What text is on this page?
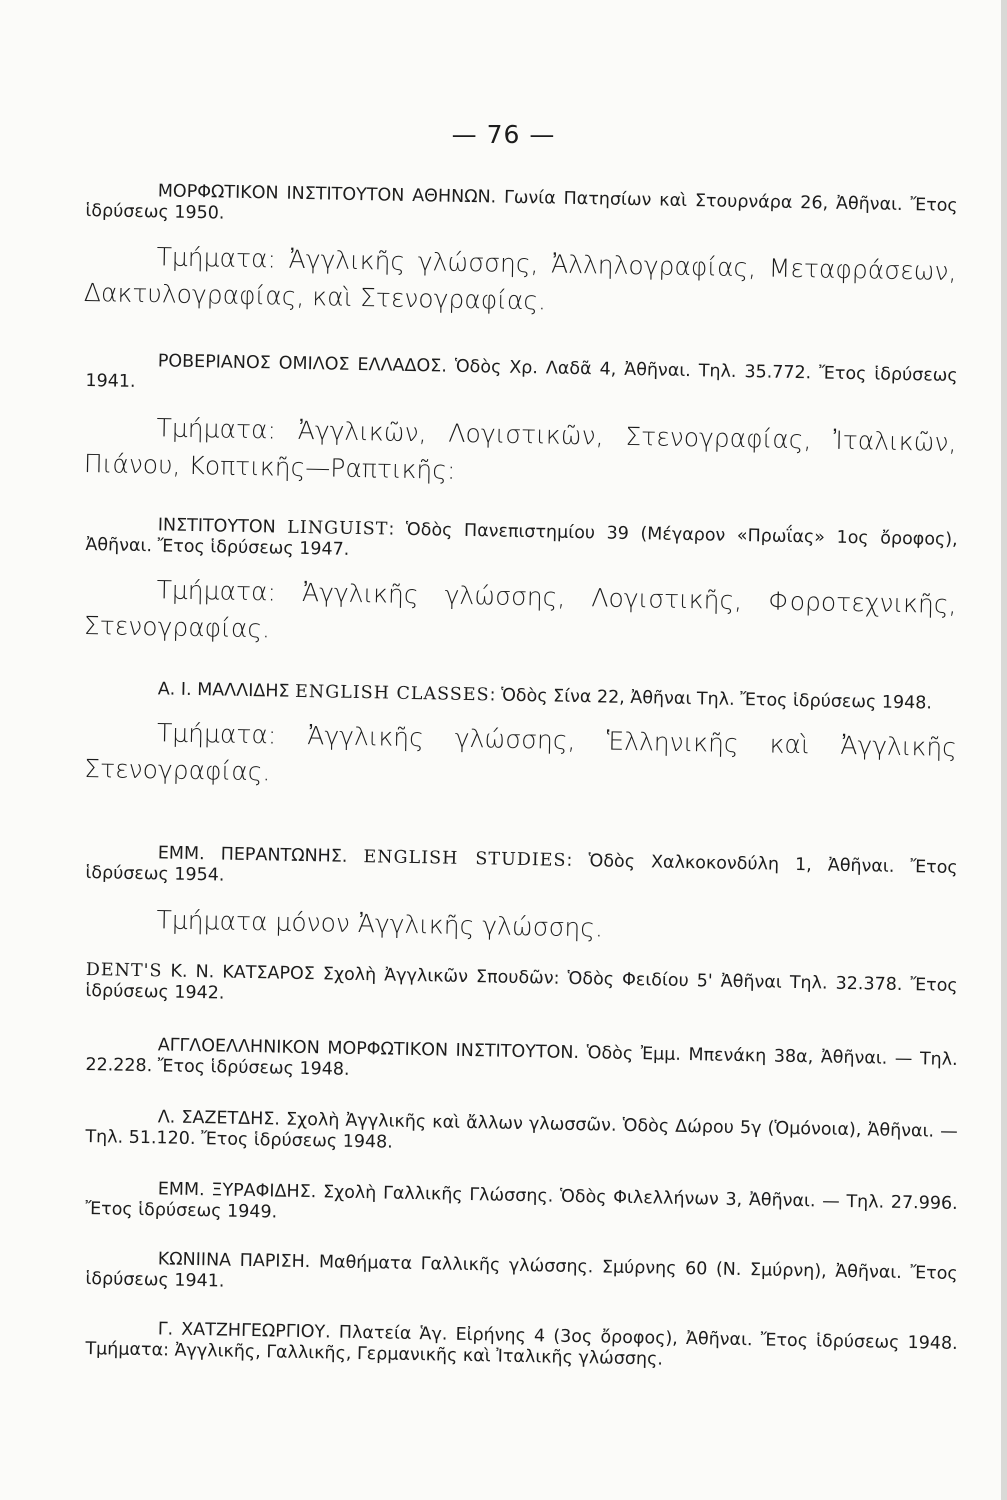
— 76 —

ΜΟΡΦΩΤΙΚΟΝ ΙΝΣΤΙΤΟΥΤΟΝ ΑΘΗΝΩΝ. Γωνία Πατησίων καὶ Στουρνάρα 26, Ἀθῆναι. Ἔτος ἱδρύσεως 1950.

Τμήματα: Ἀγγλικῆς γλώσσης, Ἀλληλογραφίας, Μεταφράσεων, Δακτυλογραφίας, καὶ Στενογραφίας.

ΡΟΒΕΡΙΑΝΟΣ ΟΜΙΛΟΣ ΕΛΛΑΔΟΣ. Ὁδὸς Χρ. Λαδᾶ 4, Ἀθῆναι. Τηλ. 35.772. Ἔτος ἱδρύσεως 1941.

Τμήματα: Ἀγγλικῶν, Λογιστικῶν, Στενογραφίας, Ἰταλικῶν, Πιάνου, Κοπτικῆς—Ραπτικῆς:

ΙΝΣΤΙΤΟΥΤΟΝ LINGUIST: Ὁδὸς Πανεπιστημίου 39 (Μέγαρον «Πρωΐας» 1ος ὄροφος), Ἀθῆναι. Ἔτος ἱδρύσεως 1947.

Τμήματα: Ἀγγλικῆς γλώσσης, Λογιστικῆς, Φοροτεχνικῆς, Στενογραφίας.

Α. Ι. ΜΑΛΛΙΔΗΣ ENGLISH CLASSES: Ὁδὸς Σίνα 22, Ἀθῆναι Τηλ. Ἔτος ἱδρύσεως 1948.

Τμήματα: Ἀγγλικῆς γλώσσης, Ἑλληνικῆς καὶ Ἀγγλικῆς Στενογραφίας.

ΕΜΜ. ΠΕΡΑΝΤΩΝΗΣ. ENGLISH STUDIES: Ὁδὸς Χαλκοκονδύλη 1, Ἀθῆναι. Ἔτος ἱδρύσεως 1954.

Τμήματα μόνον Ἀγγλικῆς γλώσσης.

DENT'S Κ. Ν. ΚΑΤΣΑΡΟΣ Σχολὴ Ἀγγλικῶν Σπουδῶν: Ὁδὸς Φειδίου 5' Ἀθῆναι Τηλ. 32.378. Ἔτος ἱδρύσεως 1942.

ΑΓΓΛΟΕΛΛΗΝΙΚΟΝ ΜΟΡΦΩΤΙΚΟΝ ΙΝΣΤΙΤΟΥΤΟΝ. Ὁδὸς Ἐμμ. Μπενάκη 38α, Ἀθῆναι. — Τηλ. 22.228. Ἔτος ἱδρύσεως 1948.

Λ. ΣΑΖΕΤΔΗΣ. Σχολὴ Ἀγγλικῆς καὶ ἄλλων γλωσσῶν. Ὁδὸς Δώρου 5γ (Ὁμόνοια), Ἀθῆναι. — Τηλ. 51.120. Ἔτος ἱδρύσεως 1948.

ΕΜΜ. ΞΥΡΑΦΙΔΗΣ. Σχολὴ Γαλλικῆς Γλώσσης. Ὁδὸς Φιλελλήνων 3, Ἀθῆναι. — Τηλ. 27.996. Ἔτος ἱδρύσεως 1949.

ΚΩΝΙΙΝΑ ΠΑΡΙΣΗ. Μαθήματα Γαλλικῆς γλώσσης. Σμύρνης 60 (Ν. Σμύρνη), Ἀθῆναι. Ἔτος ἱδρύσεως 1941.

Γ. ΧΑΤΖΗΓΕΩΡΓΙΟΥ. Πλατεία Ἁγ. Εἰρήνης 4 (3ος ὄροφος), Ἀθῆναι. Ἔτος ἱδρύσεως 1948. Τμήματα: Ἀγγλικῆς, Γαλλικῆς, Γερμανικῆς καὶ Ἰταλικῆς γλώσσης.
